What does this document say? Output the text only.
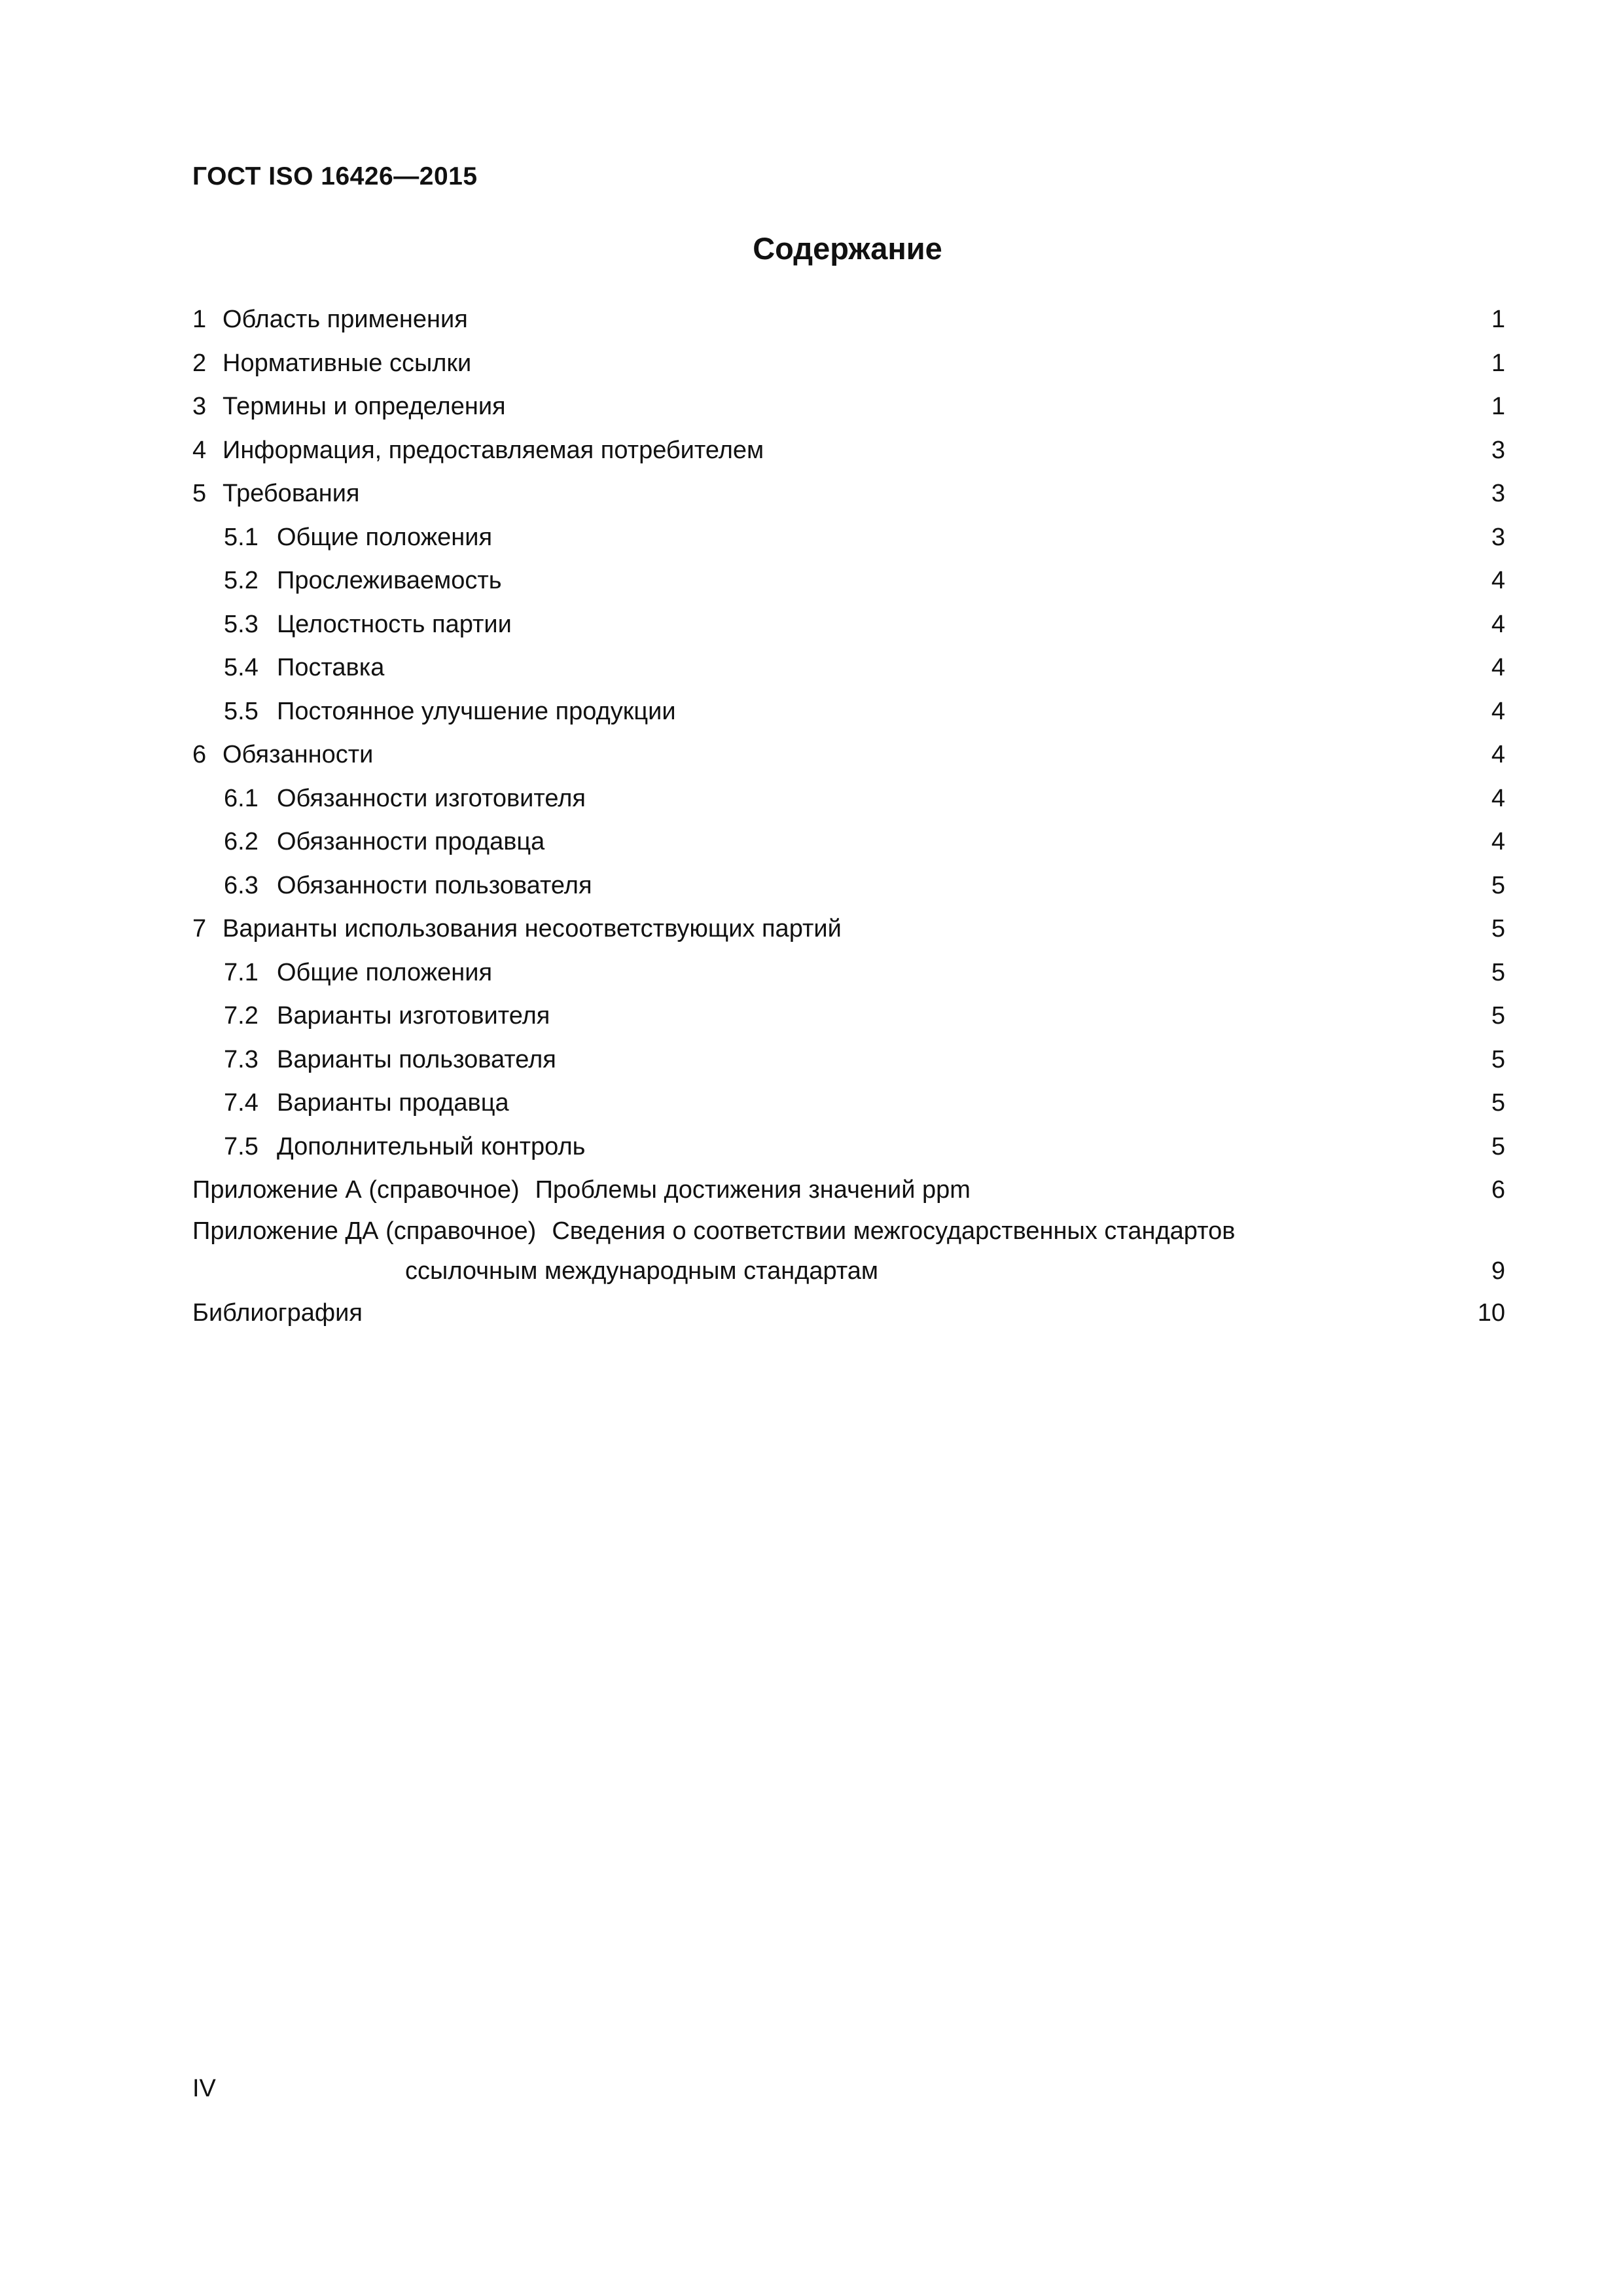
ГОСТ ISO 16426—2015
Содержание
1 Область применения . . .	1
2 Нормативные ссылки . . .	1
3 Термины и определения . . .	1
4 Информация, предоставляемая потребителем . . .	3
5 Требования . . .	3
5.1 Общие положения . . .	3
5.2 Прослеживаемость . . .	4
5.3 Целостность партии . . .	4
5.4 Поставка . . .	4
5.5 Постоянное улучшение продукции . . .	4
6 Обязанности . . .	4
6.1 Обязанности изготовителя . . .	4
6.2 Обязанности продавца . . .	4
6.3 Обязанности пользователя . . .	5
7 Варианты использования несоответствующих партий . . .	5
7.1 Общие положения . . .	5
7.2 Варианты изготовителя . . .	5
7.3 Варианты пользователя . . .	5
7.4 Варианты продавца . . .	5
7.5 Дополнительный контроль . . .	5
Приложение А (справочное) Проблемы достижения значений ppm . . .	6
Приложение ДА (справочное) Сведения о соответствии межгосударственных стандартов
ссылочным международным стандартам . . .	9
Библиография . . .	10
IV
